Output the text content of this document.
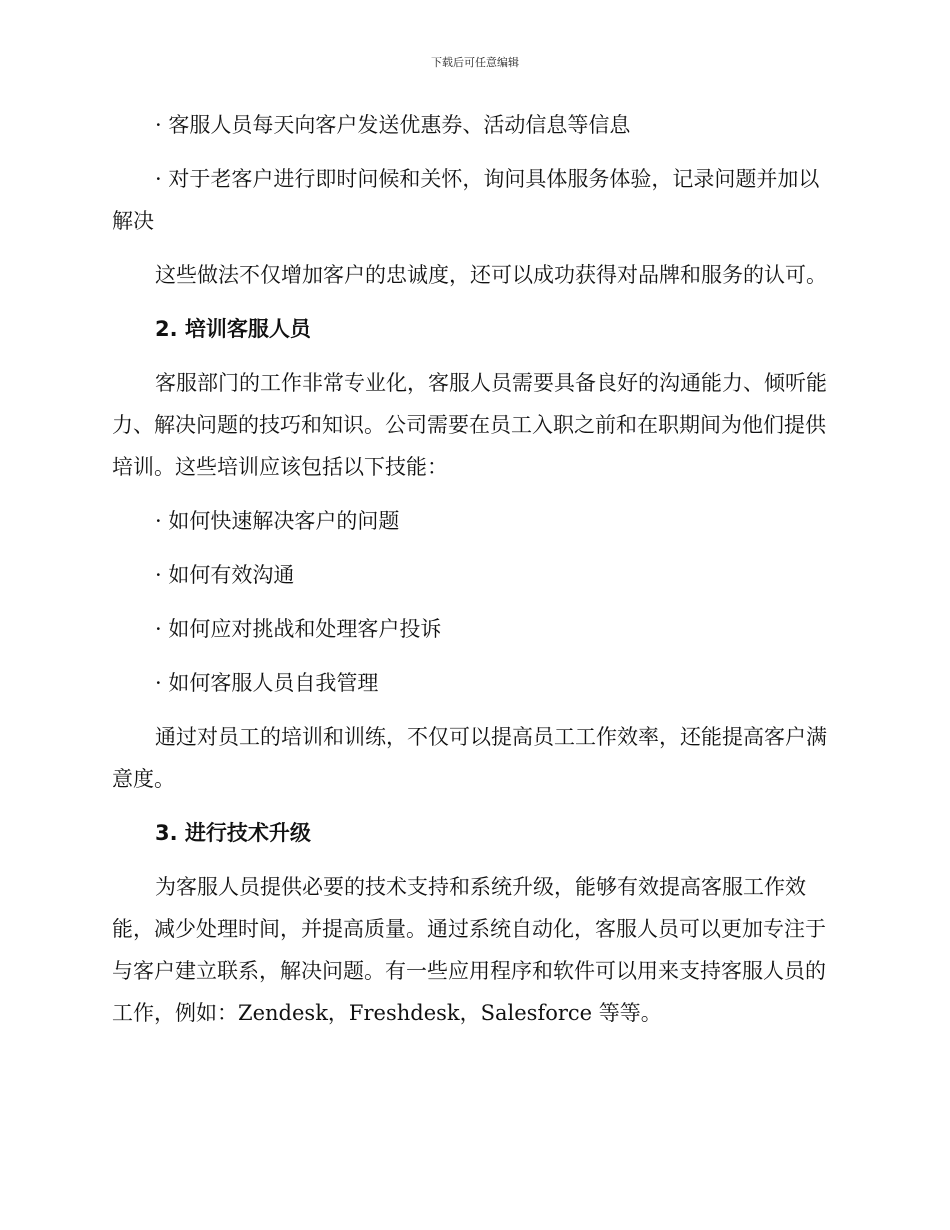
下载后可任意编辑

· 客服人员每天向客户发送优惠券、活动信息等信息

· 对于老客户进行即时问候和关怀，询问具体服务体验，记录问题并加以解决

这些做法不仅增加客户的忠诚度，还可以成功获得对品牌和服务的认可。

2. 培训客服人员

客服部门的工作非常专业化，客服人员需要具备良好的沟通能力、倾听能力、解决问题的技巧和知识。公司需要在员工入职之前和在职期间为他们提供培训。这些培训应该包括以下技能：

· 如何快速解决客户的问题

· 如何有效沟通

· 如何应对挑战和处理客户投诉

· 如何客服人员自我管理

通过对员工的培训和训练，不仅可以提高员工工作效率，还能提高客户满意度。

3. 进行技术升级

为客服人员提供必要的技术支持和系统升级，能够有效提高客服工作效能，减少处理时间，并提高质量。通过系统自动化，客服人员可以更加专注于与客户建立联系，解决问题。有一些应用程序和软件可以用来支持客服人员的工作，例如：Zendesk，Freshdesk，Salesforce 等等。
